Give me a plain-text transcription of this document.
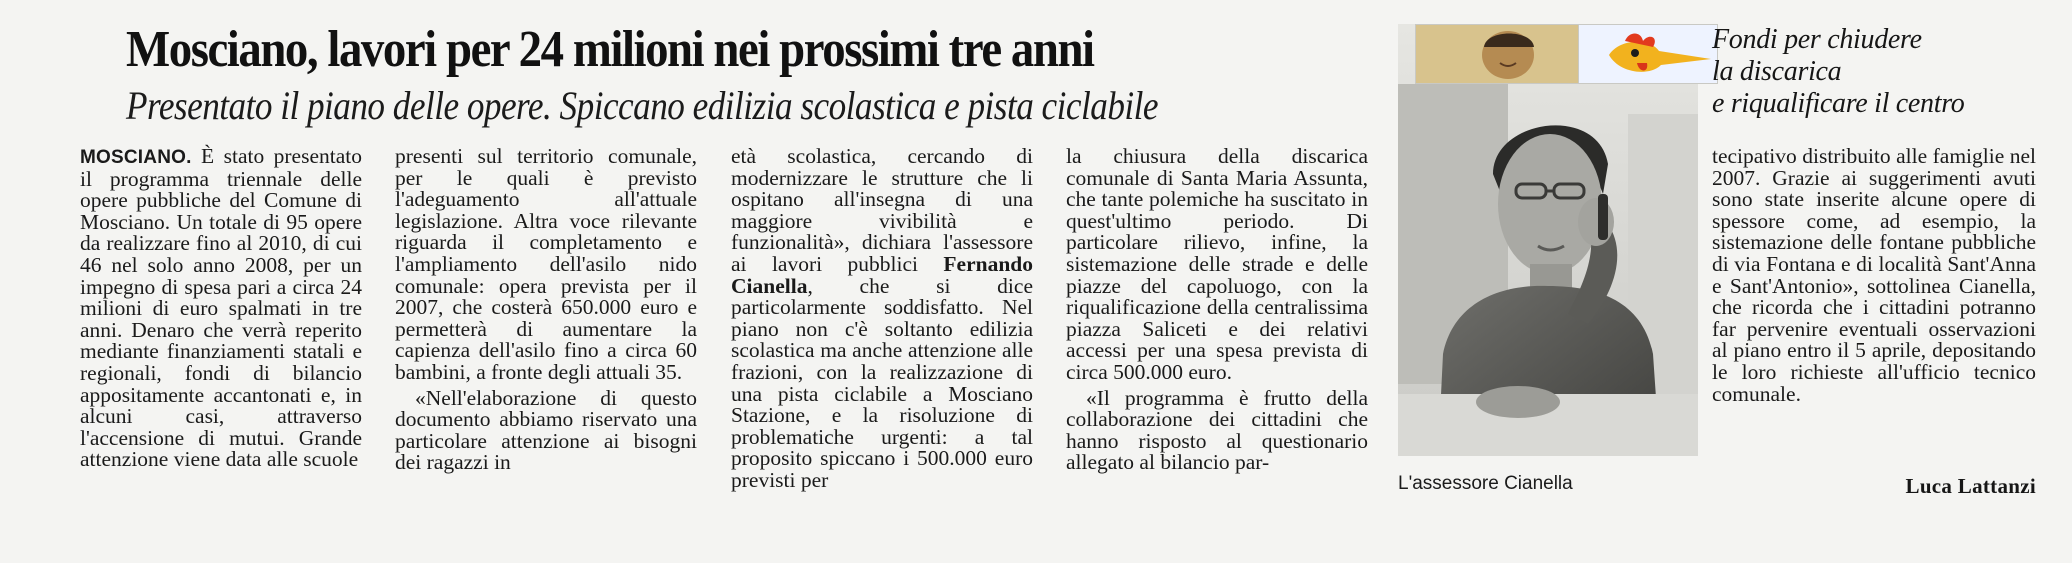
Mosciano, lavori per 24 milioni nei prossimi tre anni
Presentato il piano delle opere. Spiccano edilizia scolastica e pista ciclabile

MOSCIANO. È stato presentato il programma triennale delle opere pubbliche del Comune di Mosciano. Un totale di 95 opere da realizzare fino al 2010, di cui 46 nel solo anno 2008, per un impegno di spesa pari a circa 24 milioni di euro spalmati in tre anni. Denaro che verrà reperito mediante finanziamenti statali e regionali, fondi di bilancio appositamente accantonati e, in alcuni casi, attraverso l'accensione di mutui. Grande attenzione viene data alle scuole

presenti sul territorio comunale, per le quali è previsto l'adeguamento all'attuale legislazione. Altra voce rilevante riguarda il completamento e l'ampliamento dell'asilo nido comunale: opera prevista per il 2007, che costerà 650.000 euro e permetterà di aumentare la capienza dell'asilo fino a circa 60 bambini, a fronte degli attuali 35.

«Nell'elaborazione di questo documento abbiamo riservato una particolare attenzione ai bisogni dei ragazzi in

età scolastica, cercando di modernizzare le strutture che li ospitano all'insegna di una maggiore vivibilità e funzionalità», dichiara l'assessore ai lavori pubblici Fernando Cianella, che si dice particolarmente soddisfatto. Nel piano non c'è soltanto edilizia scolastica ma anche attenzione alle frazioni, con la realizzazione di una pista ciclabile a Mosciano Stazione, e la risoluzione di problematiche urgenti: a tal proposito spiccano i 500.000 euro previsti per

la chiusura della discarica comunale di Santa Maria Assunta, che tante polemiche ha suscitato in quest'ultimo periodo. Di particolare rilievo, infine, la sistemazione delle strade e delle piazze del capoluogo, con la riqualificazione della centralissima piazza Saliceti e dei relativi accessi per una spesa prevista di circa 500.000 euro.

«Il programma è frutto della collaborazione dei cittadini che hanno risposto al questionario allegato al bilancio par-

L'assessore Cianella
Fondi per chiudere
la discarica
e riqualificare il centro

tecipativo distribuito alle famiglie nel 2007. Grazie ai suggerimenti avuti sono state inserite alcune opere di spessore come, ad esempio, la sistemazione delle fontane pubbliche di via Fontana e di località Sant'Anna e Sant'Antonio», sottolinea Cianella, che ricorda che i cittadini potranno far pervenire eventuali osservazioni al piano entro il 5 aprile, depositando le loro richieste all'ufficio tecnico comunale.

Luca Lattanzi
